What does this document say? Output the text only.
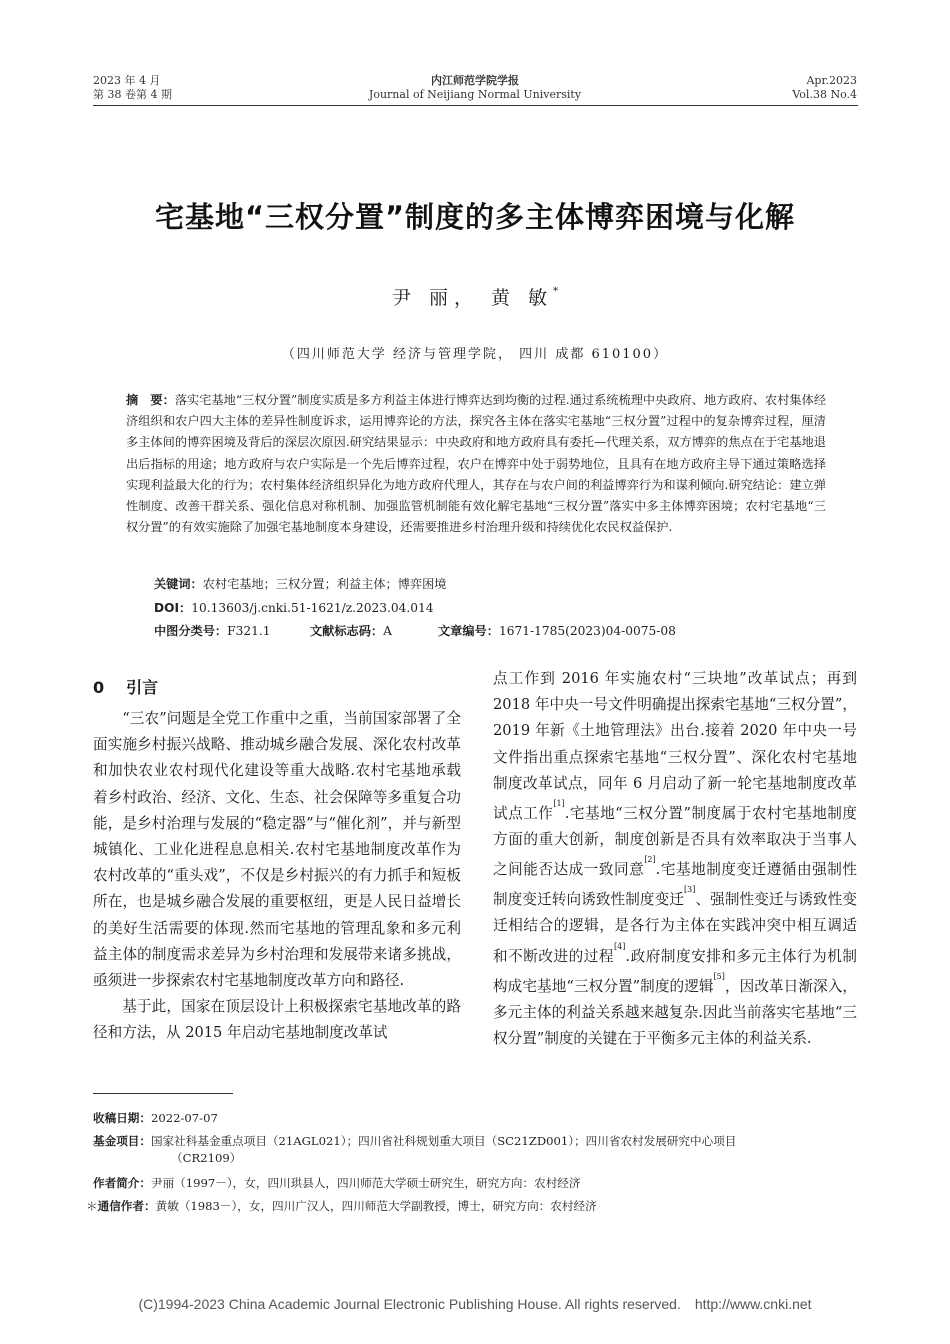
2023 年 4 月
第 38 卷第 4 期
内江师范学院学报
Journal of Neijiang Normal University
Apr.2023
Vol.38 No.4
宅基地“三权分置”制度的多主体博弈困境与化解
尹 丽， 黄 敏*
（四川师范大学 经济与管理学院， 四川 成都 610100）
摘　要：落实宅基地“三权分置”制度实质是多方利益主体进行博弈达到均衡的过程.通过系统梳理中央政府、地方政府、农村集体经济组织和农户四大主体的差异性制度诉求，运用博弈论的方法，探究各主体在落实宅基地“三权分置”过程中的复杂博弈过程，厘清多主体间的博弈困境及背后的深层次原因.研究结果显示：中央政府和地方政府具有委托—代理关系，双方博弈的焦点在于宅基地退出后指标的用途；地方政府与农户实际是一个先后博弈过程，农户在博弈中处于弱势地位，且具有在地方政府主导下通过策略选择实现利益最大化的行为；农村集体经济组织异化为地方政府代理人，其存在与农户间的利益博弈行为和谋利倾向.研究结论：建立弹性制度、改善干群关系、强化信息对称机制、加强监管机制能有效化解宅基地“三权分置”落实中多主体博弈困境；农村宅基地“三权分置”的有效实施除了加强宅基地制度本身建设，还需要推进乡村治理升级和持续优化农民权益保护.
关键词：农村宅基地；三权分置；利益主体；博弈困境
DOI：10.13603/j.cnki.51-1621/z.2023.04.014
中图分类号：F321.1	文献标志码：A	文章编号：1671-1785(2023)04-0075-08
0 引言

“三农”问题是全党工作重中之重，当前国家部署了全面实施乡村振兴战略、推动城乡融合发展、深化农村改革和加快农业农村现代化建设等重大战略.农村宅基地承载着乡村政治、经济、文化、生态、社会保障等多重复合功能，是乡村治理与发展的“稳定器”与“催化剂”，并与新型城镇化、工业化进程息息相关.农村宅基地制度改革作为农村改革的“重头戏”，不仅是乡村振兴的有力抓手和短板所在，也是城乡融合发展的重要枢纽，更是人民日益增长的美好生活需要的体现.然而宅基地的管理乱象和多元利益主体的制度需求差异为乡村治理和发展带来诸多挑战，亟须进一步探索农村宅基地制度改革方向和路径.

基于此，国家在顶层设计上积极探索宅基地改革的路径和方法，从 2015 年启动宅基地制度改革试

点工作到 2016 年实施农村“三块地”改革试点；再到 2018 年中央一号文件明确提出探索宅基地“三权分置”，2019 年新《土地管理法》出台.接着 2020 年中央一号文件指出重点探索宅基地“三权分置”、深化农村宅基地制度改革试点，同年 6 月启动了新一轮宅基地制度改革试点工作[1].宅基地“三权分置”制度属于农村宅基地制度方面的重大创新，制度创新是否具有效率取决于当事人之间能否达成一致同意[2].宅基地制度变迁遵循由强制性制度变迁转向诱致性制度变迁[3]、强制性变迁与诱致性变迁相结合的逻辑，是各行为主体在实践冲突中相互调适和不断改进的过程[4].政府制度安排和多元主体行为机制构成宅基地“三权分置”制度的逻辑[5]，因改革日渐深入，多元主体的利益关系越来越复杂.因此当前落实宅基地“三权分置”制度的关键在于平衡多元主体的利益关系.

收稿日期：2022-07-07
基金项目：国家社科基金重点项目（21AGL021）；四川省社科规划重大项目（SC21ZD001）；四川省农村发展研究中心项目
（CR2109）
作者简介：尹丽（1997－），女，四川珙县人，四川师范大学硕士研究生，研究方向：农村经济
＊通信作者：黄敏（1983－），女，四川广汉人，四川师范大学副教授，博士，研究方向：农村经济
(C)1994-2023 China Academic Journal Electronic Publishing House. All rights reserved. http://www.cnki.net
